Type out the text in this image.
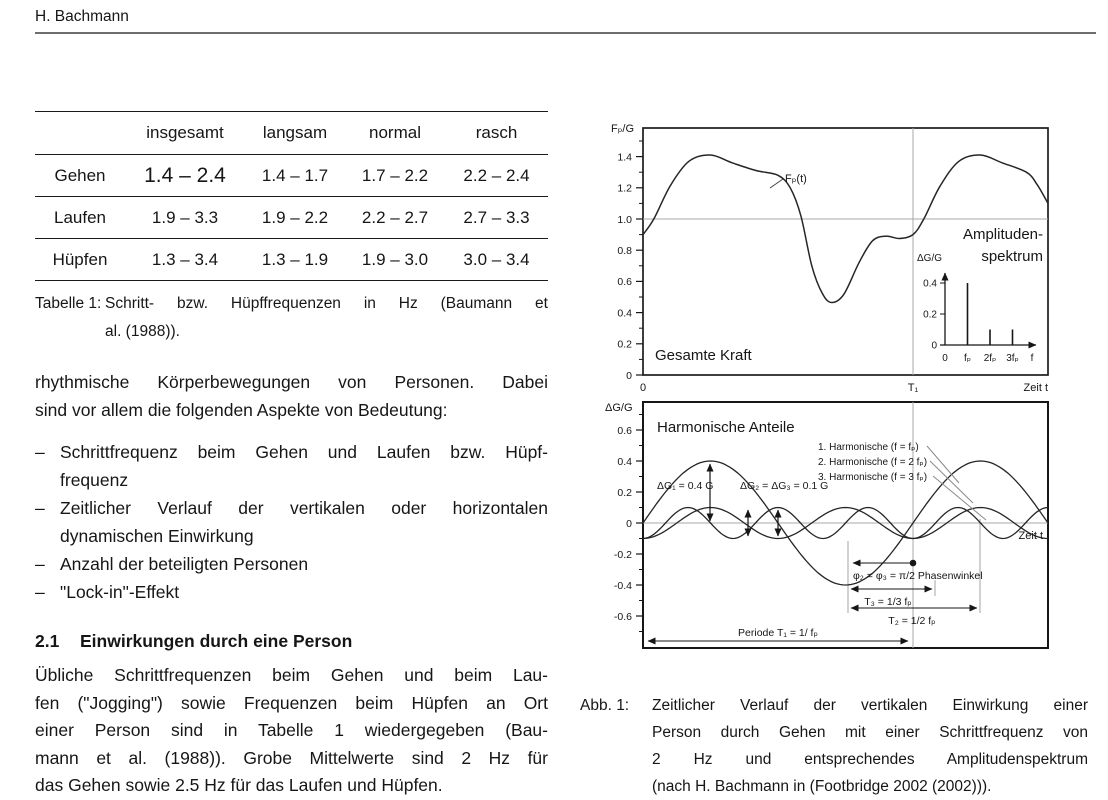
H. Bachmann
	insgesamt	langsam	normal	rasch
Gehen	1.4 – 2.4	1.4 – 1.7	1.7 – 2.2	2.2 – 2.4
Laufen	1.9 – 3.3	1.9 – 2.2	2.2 – 2.7	2.7 – 3.3
Hüpfen	1.3 – 3.4	1.3 – 1.9	1.9 – 3.0	3.0 – 3.4
Tabelle 1: Schritt- bzw. Hüpffrequenzen in Hz (Baumann et
al. (1988)).
rhythmische Körperbewegungen von Personen. Dabei
sind vor allem die folgenden Aspekte von Bedeutung:
– Schrittfrequenz beim Gehen und Laufen bzw. Hüpf-
frequenz
– Zeitlicher Verlauf der vertikalen oder horizontalen
dynamischen Einwirkung
– Anzahl der beteiligten Personen
– "Lock-in"-Effekt
2.1 Einwirkungen durch eine Person
Übliche Schrittfrequenzen beim Gehen und beim Lau-
fen ("Jogging") sowie Frequenzen beim Hüpfen an Ort
einer Person sind in Tabelle 1 wiedergegeben (Bau-
mann et al. (1988)). Grobe Mittelwerte sind 2 Hz für
das Gehen sowie 2.5 Hz für das Laufen und Hüpfen.
0
0.2
0.4
0.6
0.8
1.0
1.2
1.4
Fₚ/G
0	T₁	Zeit t
Gesamte Kraft
Fₚ(t)
0
0.2
0.4
fₚ 2fₚ 3fₚ
0
ΔG/G
Amplituden-
spektrum
f
-0.6
-0.4
-0.2
0
0.2
0.4
0.6
ΔG/G
Harmonische Anteile
1. Harmonische (f = fₚ)
2. Harmonische (f = 2 fₚ)
3. Harmonische (f = 3 fₚ)
ΔG₁ = 0.4 G	ΔG₂ = ΔG₃ = 0.1 G
φ₂ = φ₃ = π/2 Phasenwinkel
T₃ = 1/3 fₚ
T₂ = 1/2 fₚ
Periode T₁ = 1/ fₚ
Zeit t
Abb. 1: Zeitlicher Verlauf der vertikalen Einwirkung einer
Person durch Gehen mit einer Schrittfrequenz von
2 Hz und entsprechendes Amplitudenspektrum
(nach H. Bachmann in (Footbridge 2002 (2002))).
